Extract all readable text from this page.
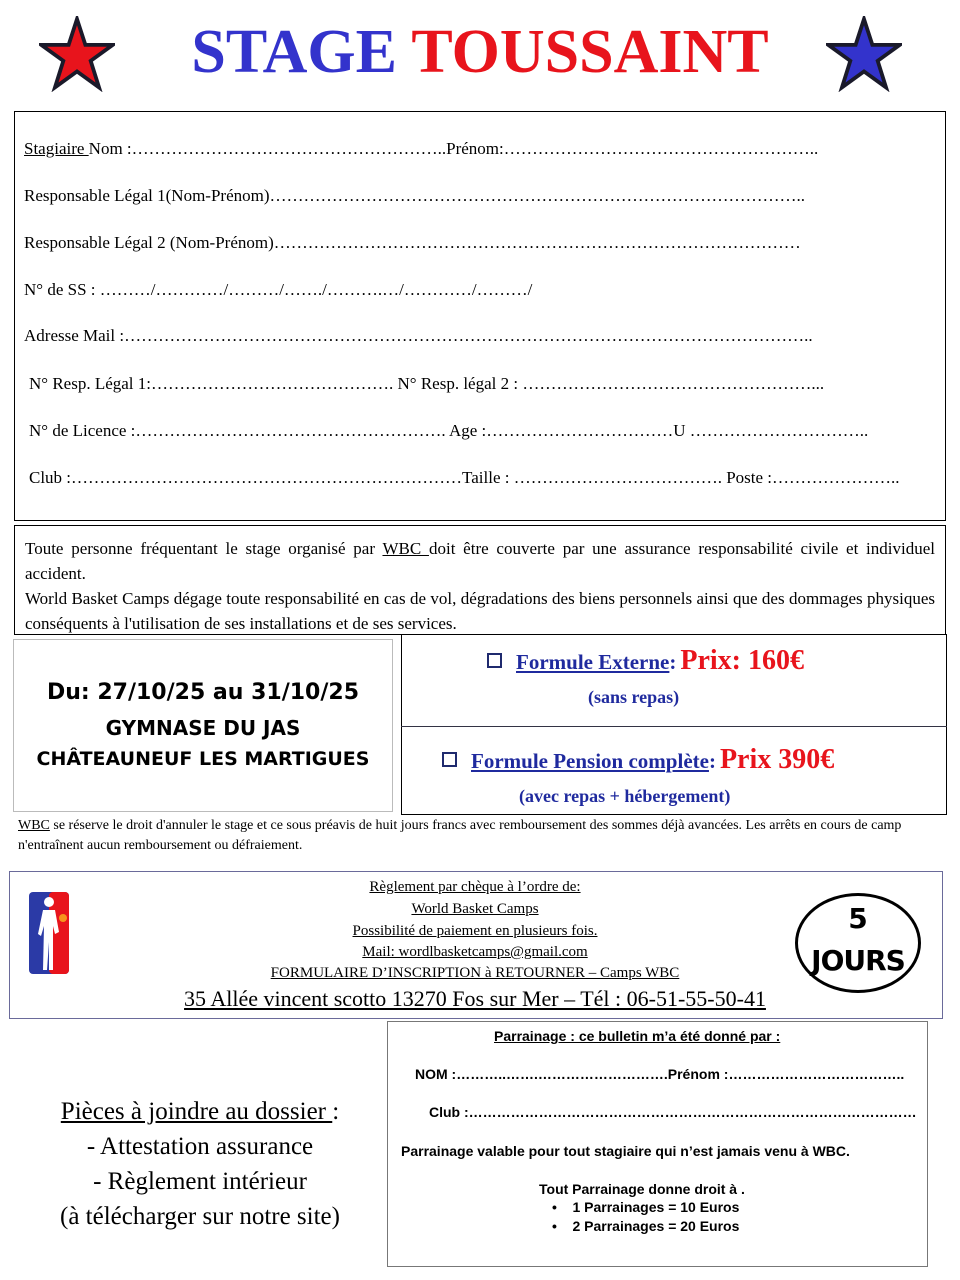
STAGE TOUSSAINT
Stagiaire Nom :………………………………………………..Prénom:………………………………………………..
Responsable Légal 1(Nom-Prénom)…………………………………………………………………………………..
Responsable Légal 2 (Nom-Prénom)…………………………………………………………………………………
N° de SS : ………/…………/………/……./……….…/…………/………/
Adresse Mail :…………………………………………………………………………………………………………..
N° Resp. Légal 1:……………………………………. N° Resp. légal 2 : ……………………………………………...
N° de Licence :………………………………………………. Age :……………………………U …………………………..
Club :……………………………………………………………Taille : ………………………………. Poste :…………………..
Toute personne fréquentant le stage organisé par WBC doit être couverte par une assurance responsabilité civile et individuel accident.
World Basket Camps dégage toute responsabilité en cas de vol, dégradations des biens personnels ainsi que des dommages physiques conséquents à l'utilisation de ses installations et de ses services.
Du: 27/10/25 au 31/10/25
GYMNASE DU JAS
CHÂTEAUNEUF LES MARTIGUES
Formule Externe: Prix: 160€
(sans repas)
Formule Pension complète: Prix 390€
(avec repas + hébergement)
WBC se réserve le droit d'annuler le stage et ce sous préavis de huit jours francs avec remboursement des sommes déjà avancées. Les arrêts en cours de camp n'entraînent aucun remboursement ou défraiement.
Règlement par chèque à l’ordre de:
World Basket Camps
Possibilité de paiement en plusieurs fois.
Mail: wordlbasketcamps@gmail.com
FORMULAIRE D’INSCRIPTION à RETOURNER – Camps WBC
35 Allée vincent scotto 13270 Fos sur Mer – Tél : 06-51-55-50-41
5
JOURS
Pièces à joindre au dossier :
- Attestation assurance
- Règlement intérieur
(à télécharger sur notre site)
Parrainage : ce bulletin m’a été donné par :
NOM :………..…….……………………….Prénom :………………………………..
Club :……………………………………………………………………………………
Parrainage valable pour tout stagiaire qui n’est jamais venu à WBC.
Tout Parrainage donne droit à .
•    1 Parrainages = 10 Euros
•    2 Parrainages = 20 Euros
